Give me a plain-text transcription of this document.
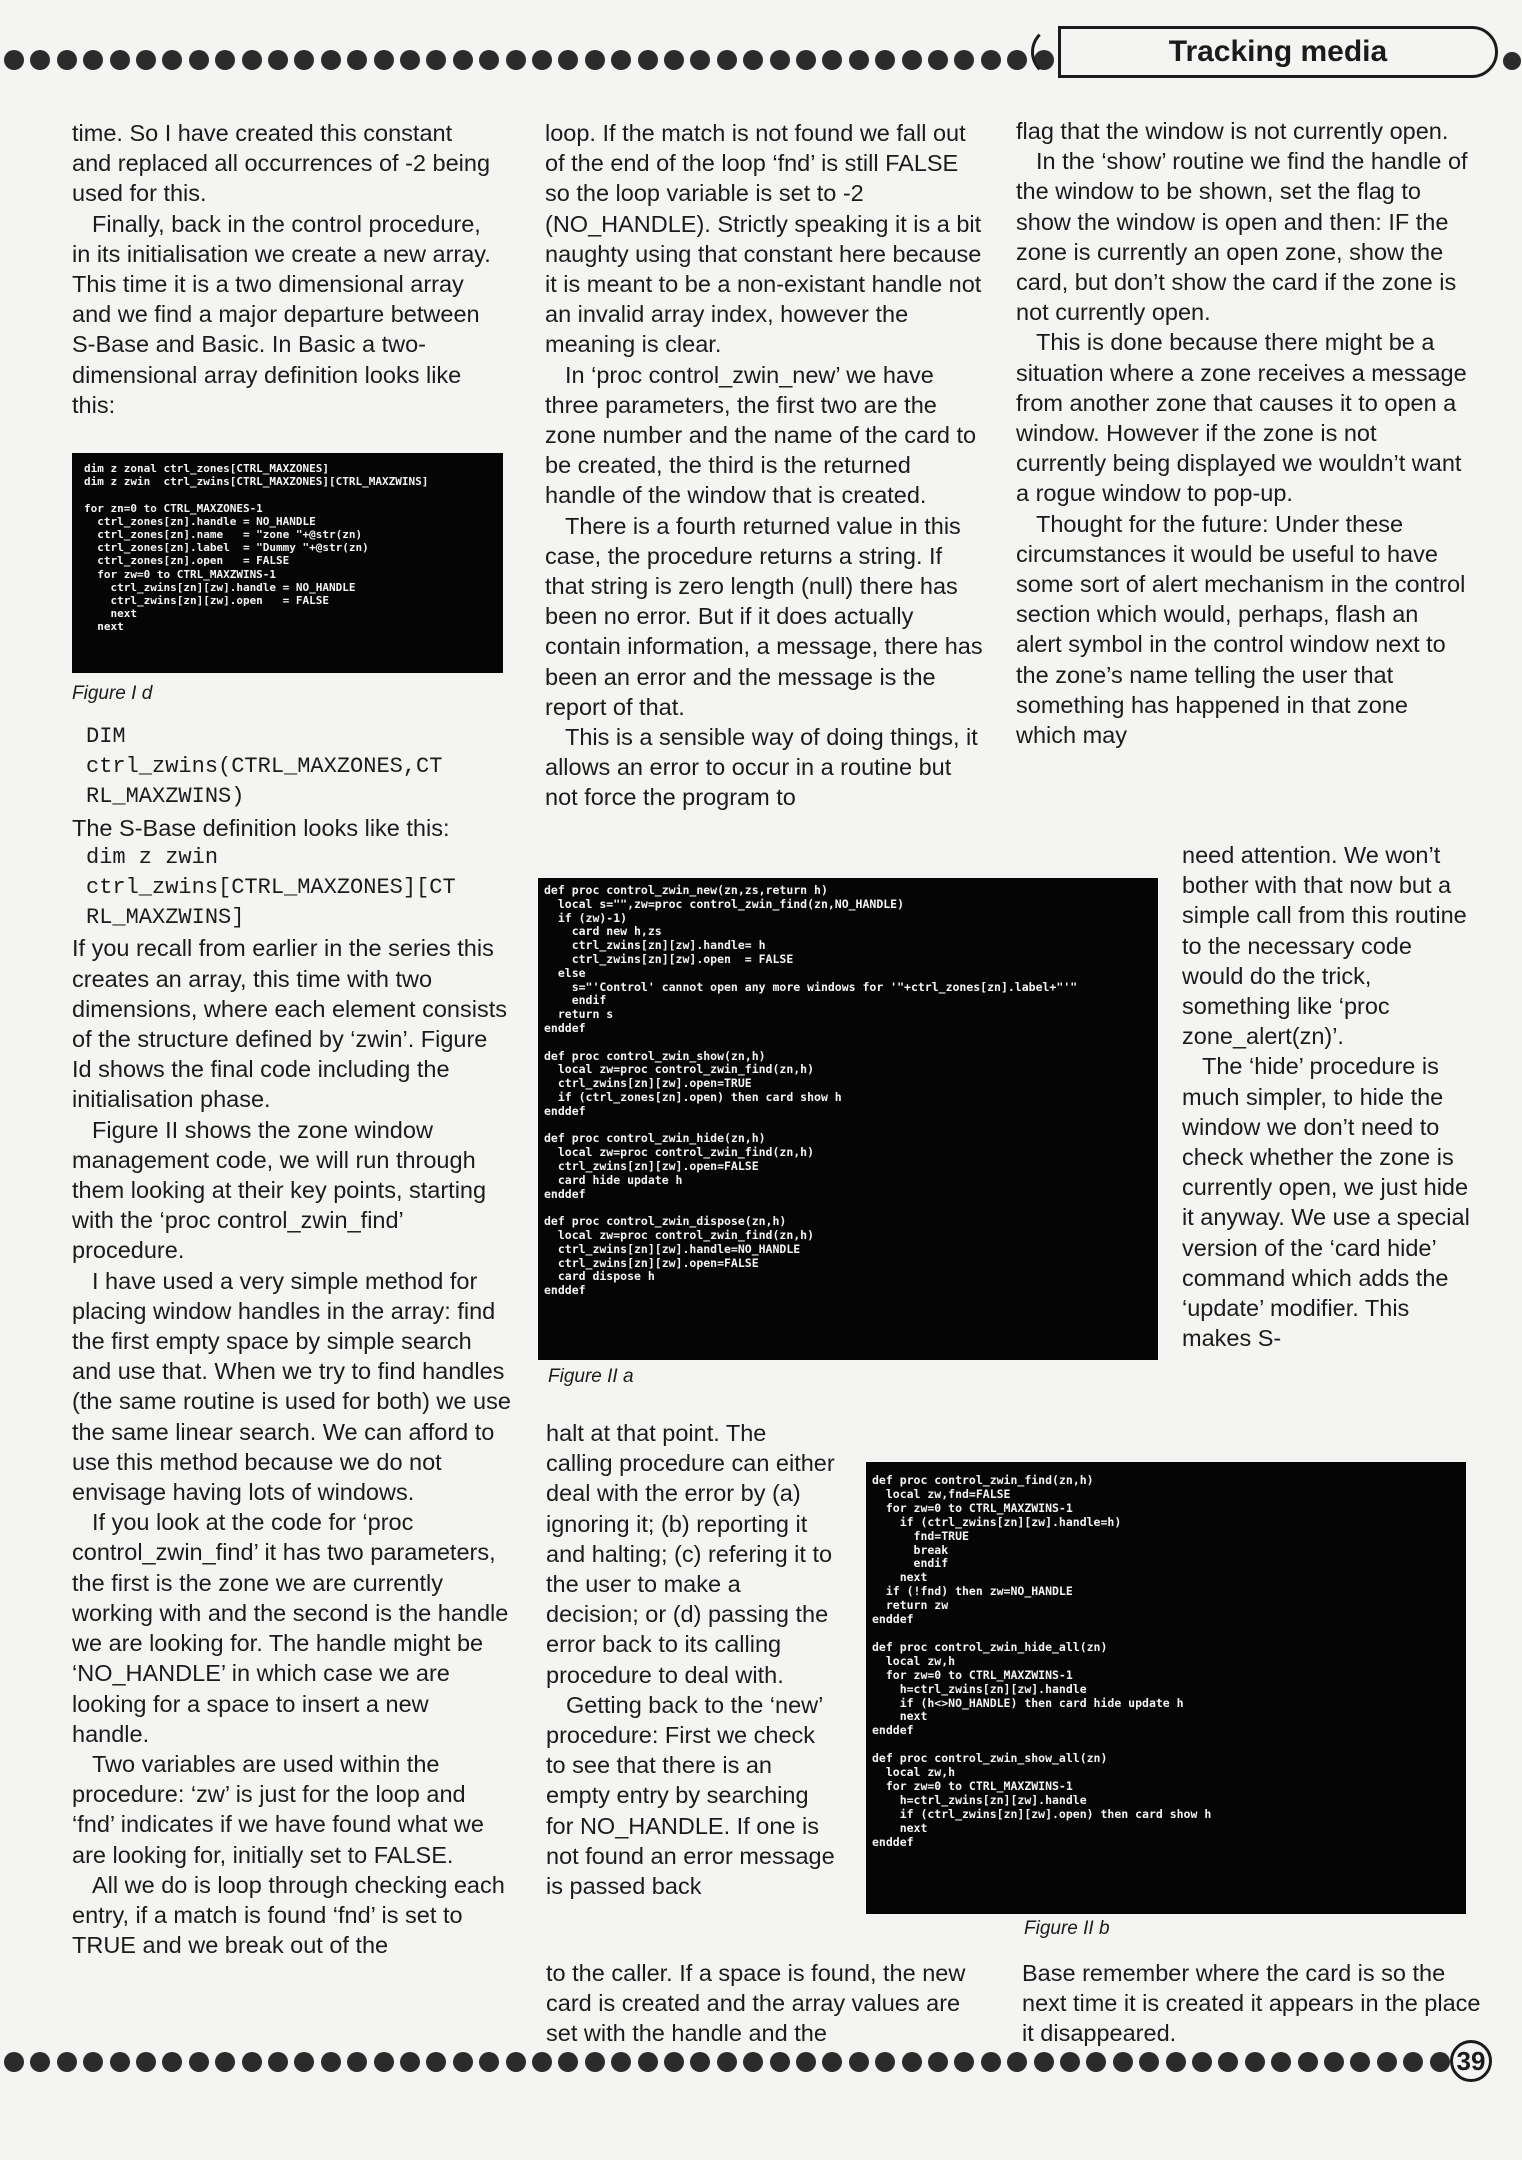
Tracking media

time. So I have created this constant and replaced all occurrences of -2 being used for this.

Finally, back in the control procedure, in its initialisation we create a new array. This time it is a two dimensional array and we find a major departure between S-Base and Basic. In Basic a two-dimensional array definition looks like this:

dim z zonal ctrl_zones[CTRL_MAXZONES]
dim z zwin  ctrl_zwins[CTRL_MAXZONES][CTRL_MAXZWINS]

for zn=0 to CTRL_MAXZONES-1
ctrl_zones[zn].handle = NO_HANDLE
ctrl_zones[zn].name   = "zone "+@str(zn)
ctrl_zones[zn].label  = "Dummy "+@str(zn)
ctrl_zones[zn].open   = FALSE
for zw=0 to CTRL_MAXZWINS-1
ctrl_zwins[zn][zw].handle = NO_HANDLE
ctrl_zwins[zn][zw].open   = FALSE
next
next
Figure I d
DIM
ctrl_zwins(CTRL_MAXZONES,CT
RL_MAXZWINS)

The S-Base definition looks like this:

dim z zwin
ctrl_zwins[CTRL_MAXZONES][CT
RL_MAXZWINS]

If you recall from earlier in the series this creates an array, this time with two dimensions, where each element consists of the structure defined by ‘zwin’. Figure Id shows the final code including the initialisation phase.

Figure II shows the zone window management code, we will run through them looking at their key points, starting with the ‘proc control_zwin_find’ procedure.

I have used a very simple method for placing window handles in the array: find the first empty space by simple search and use that. When we try to find handles (the same routine is used for both) we use the same linear search. We can afford to use this method because we do not envisage having lots of windows.

If you look at the code for ‘proc control_zwin_find’ it has two parameters, the first is the zone we are currently working with and the second is the handle we are looking for. The handle might be ‘NO_HANDLE’ in which case we are looking for a space to insert a new handle.

Two variables are used within the procedure: ‘zw’ is just for the loop and ‘fnd’ indicates if we have found what we are looking for, initially set to FALSE.

All we do is loop through checking each entry, if a match is found ‘fnd’ is set to TRUE and we break out of the

loop. If the match is not found we fall out of the end of the loop ‘fnd’ is still FALSE so the loop variable is set to -2 (NO_HANDLE). Strictly speaking it is a bit naughty using that constant here because it is meant to be a non-existant handle not an invalid array index, however the meaning is clear.

In ‘proc control_zwin_new’ we have three parameters, the first two are the zone number and the name of the card to be created, the third is the returned handle of the window that is created.

There is a fourth returned value in this case, the procedure returns a string. If that string is zero length (null) there has been no error. But if it does actually contain information, a message, there has been an error and the message is the report of that.

This is a sensible way of doing things, it allows an error to occur in a routine but not force the program to

def proc control_zwin_new(zn,zs,return h)
local s="",zw=proc control_zwin_find(zn,NO_HANDLE)
if (zw)-1)
card new h,zs
ctrl_zwins[zn][zw].handle= h
ctrl_zwins[zn][zw].open  = FALSE
else
s="'Control' cannot open any more windows for '"+ctrl_zones[zn].label+"'"
endif
return s
enddef

def proc control_zwin_show(zn,h)
local zw=proc control_zwin_find(zn,h)
ctrl_zwins[zn][zw].open=TRUE
if (ctrl_zones[zn].open) then card show h
enddef

def proc control_zwin_hide(zn,h)
local zw=proc control_zwin_find(zn,h)
ctrl_zwins[zn][zw].open=FALSE
card hide update h
enddef

def proc control_zwin_dispose(zn,h)
local zw=proc control_zwin_find(zn,h)
ctrl_zwins[zn][zw].handle=NO_HANDLE
ctrl_zwins[zn][zw].open=FALSE
card dispose h
enddef
Figure II a

halt at that point. The calling procedure can either deal with the error by (a) ignoring it; (b) reporting it and halting; (c) refering it to the user to make a decision; or (d) passing the error back to its calling procedure to deal with.

Getting back to the ‘new’ procedure: First we check to see that there is an empty entry by searching for NO_HANDLE. If one is not found an error message is passed back

def proc control_zwin_find(zn,h)
local zw,fnd=FALSE
for zw=0 to CTRL_MAXZWINS-1
if (ctrl_zwins[zn][zw].handle=h)
fnd=TRUE
break
endif
next
if (!fnd) then zw=NO_HANDLE
return zw
enddef

def proc control_zwin_hide_all(zn)
local zw,h
for zw=0 to CTRL_MAXZWINS-1
h=ctrl_zwins[zn][zw].handle
if (h<>NO_HANDLE) then card hide update h
next
enddef

def proc control_zwin_show_all(zn)
local zw,h
for zw=0 to CTRL_MAXZWINS-1
h=ctrl_zwins[zn][zw].handle
if (ctrl_zwins[zn][zw].open) then card show h
next
enddef
Figure II b

to the caller. If a space is found, the new card is created and the array values are set with the handle and the

flag that the window is not currently open.

In the ‘show’ routine we find the handle of the window to be shown, set the flag to show the window is open and then: IF the zone is currently an open zone, show the card, but don’t show the card if the zone is not currently open.

This is done because there might be a situation where a zone receives a message from another zone that causes it to open a window. However if the zone is not currently being displayed we wouldn’t want a rogue window to pop-up.

Thought for the future: Under these circumstances it would be useful to have some sort of alert mechanism in the control section which would, perhaps, flash an alert symbol in the control window next to the zone’s name telling the user that something has happened in that zone which may

need attention. We won’t bother with that now but a simple call from this routine to the necessary code would do the trick, something like ‘proc zone_alert(zn)’.

The ‘hide’ procedure is much simpler, to hide the window we don’t need to check whether the zone is currently open, we just hide it anyway. We use a special version of the ‘card hide’ command which adds the ‘update’ modifier. This makes S-

Base remember where the card is so the next time it is created it appears in the place it disappeared.

39
